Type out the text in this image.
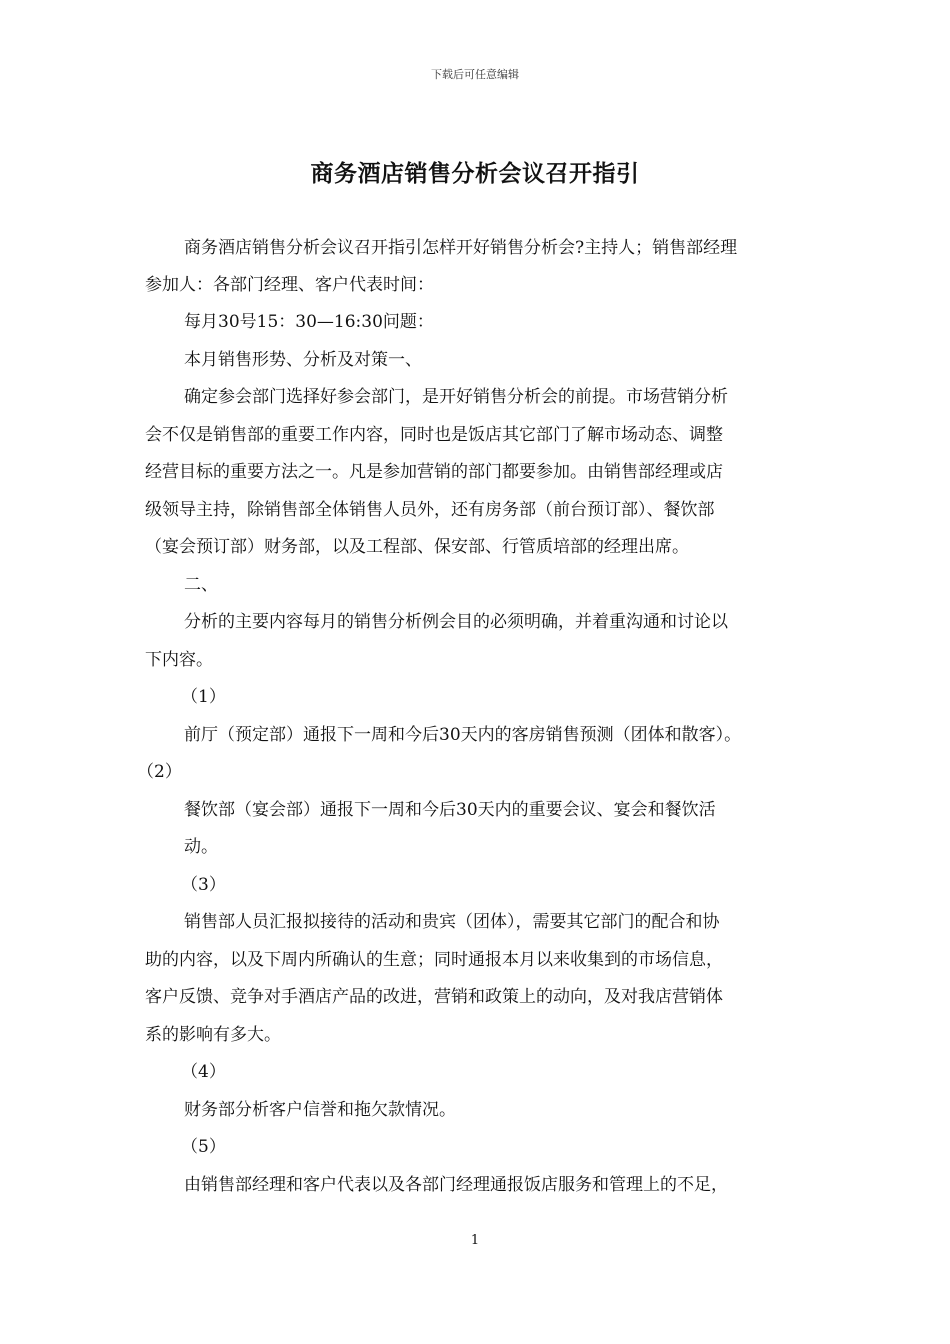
下载后可任意编辑
商务酒店销售分析会议召开指引
商务酒店销售分析会议召开指引怎样开好销售分析会?主持人；销售部经理
参加人：各部门经理、客户代表时间：
每月30号15：30—16:30问题：
本月销售形势、分析及对策一、
确定参会部门选择好参会部门，是开好销售分析会的前提。市场营销分析
会不仅是销售部的重要工作内容，同时也是饭店其它部门了解市场动态、调整
经营目标的重要方法之一。凡是参加营销的部门都要参加。由销售部经理或店
级领导主持，除销售部全体销售人员外，还有房务部（前台预订部）、餐饮部
（宴会预订部）财务部，以及工程部、保安部、行管质培部的经理出席。
二、
分析的主要内容每月的销售分析例会目的必须明确，并着重沟通和讨论以
下内容。
（1）
前厅（预定部）通报下一周和今后30天内的客房销售预测（团体和散客）。
（2）
餐饮部（宴会部）通报下一周和今后30天内的重要会议、宴会和餐饮活
动。
（3）
销售部人员汇报拟接待的活动和贵宾（团体），需要其它部门的配合和协
助的内容，以及下周内所确认的生意；同时通报本月以来收集到的市场信息，
客户反馈、竞争对手酒店产品的改进，营销和政策上的动向，及对我店营销体
系的影响有多大。
（4）
财务部分析客户信誉和拖欠款情况。
（5）
由销售部经理和客户代表以及各部门经理通报饭店服务和管理上的不足，
1
